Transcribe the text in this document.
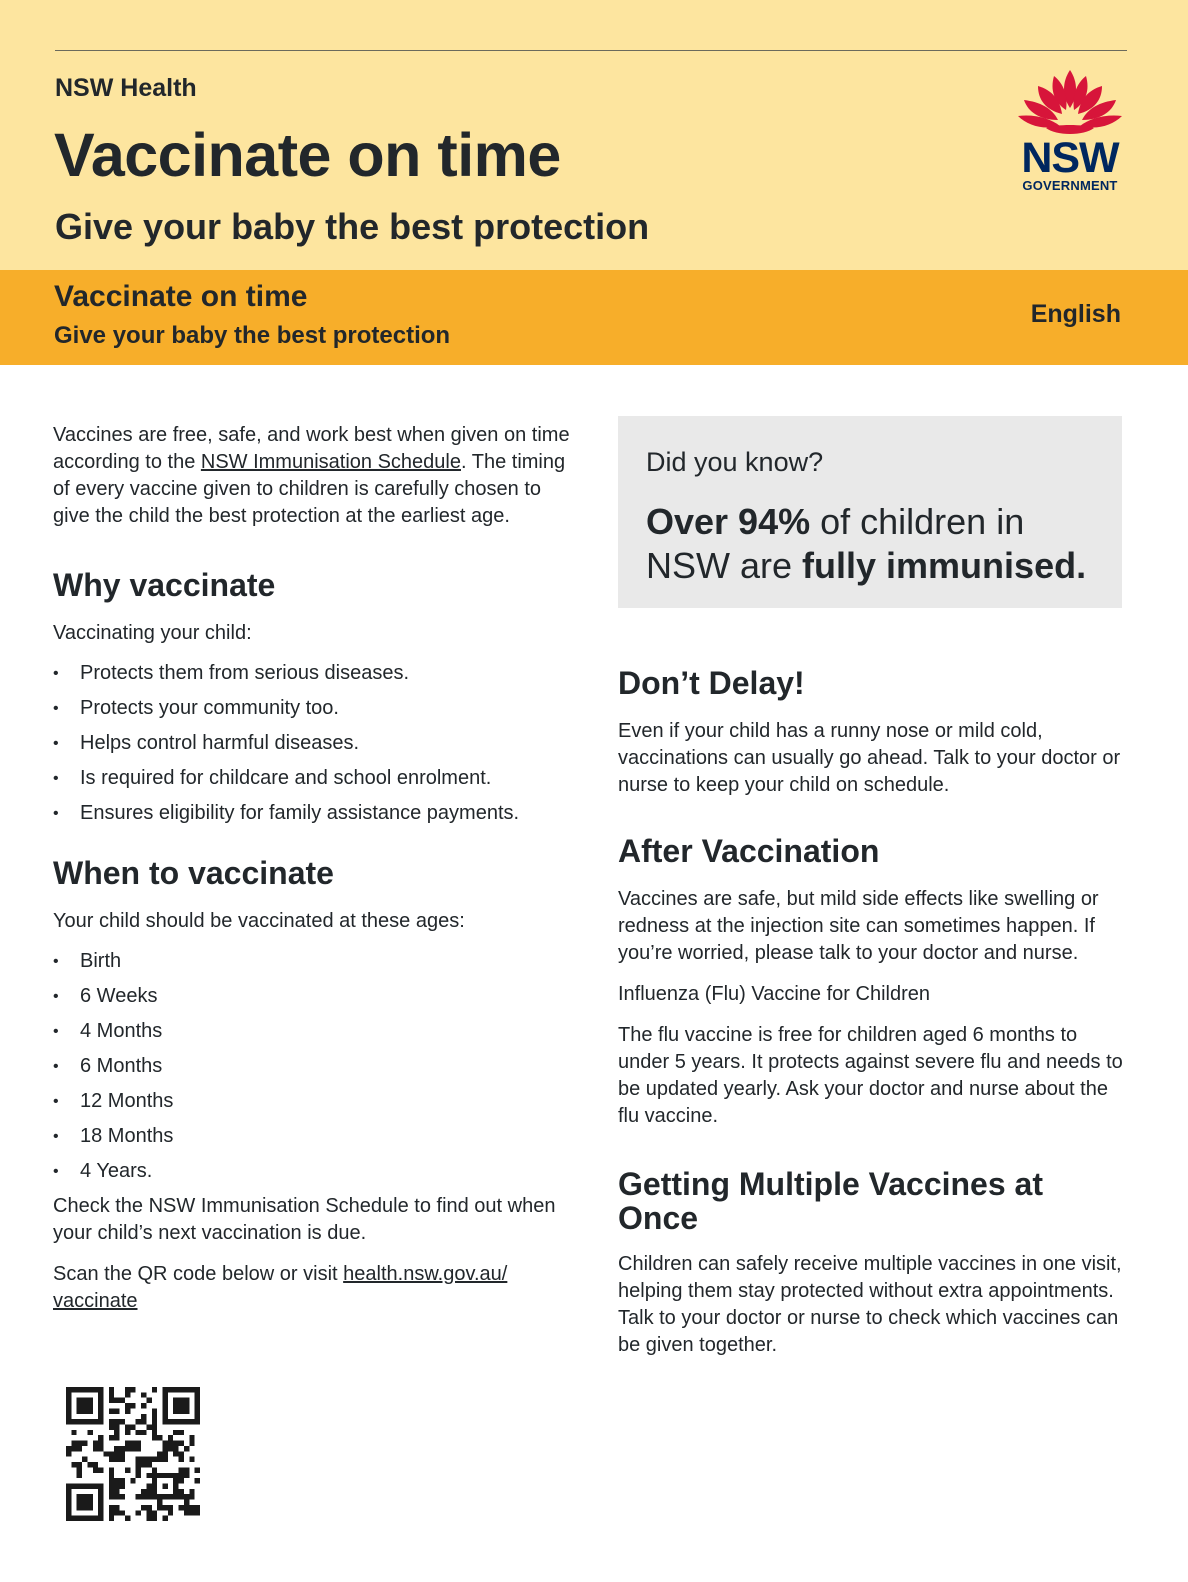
NSW Health
Vaccinate on time
Give your baby the best protection
NSW
GOVERNMENT
Vaccinate on time
Give your baby the best protection
English

Vaccines are free, safe, and work best when given on time according to the NSW Immunisation Schedule. The timing of every vaccine given to children is carefully chosen to give the child the best protection at the earliest age.

Why vaccinate

Vaccinating your child:

• Protects them from serious diseases.
• Protects your community too.
• Helps control harmful diseases.
• Is required for childcare and school enrolment.
• Ensures eligibility for family assistance payments.
When to vaccinate

Your child should be vaccinated at these ages:

• Birth
• 6 Weeks
• 4 Months
• 6 Months
• 12 Months
• 18 Months
• 4 Years.

Check the NSW Immunisation Schedule to find out when your child’s next vaccination is due.

Scan the QR code below or visit health.nsw.gov.au/
vaccinate

Did you know?
Over 94% of children in NSW are fully immunised.
Don’t Delay!

Even if your child has a runny nose or mild cold, vaccinations can usually go ahead. Talk to your doctor or nurse to keep your child on schedule.

After Vaccination

Vaccines are safe, but mild side effects like swelling or redness at the injection site can sometimes happen. If you’re worried, please talk to your doctor and nurse.

Influenza (Flu) Vaccine for Children

The flu vaccine is free for children aged 6 months to under 5 years. It protects against severe flu and needs to be updated yearly. Ask your doctor and nurse about the flu vaccine.

Getting Multiple Vaccines at Once

Children can safely receive multiple vaccines in one visit, helping them stay protected without extra appointments. Talk to your doctor or nurse to check which vaccines can be given together.
